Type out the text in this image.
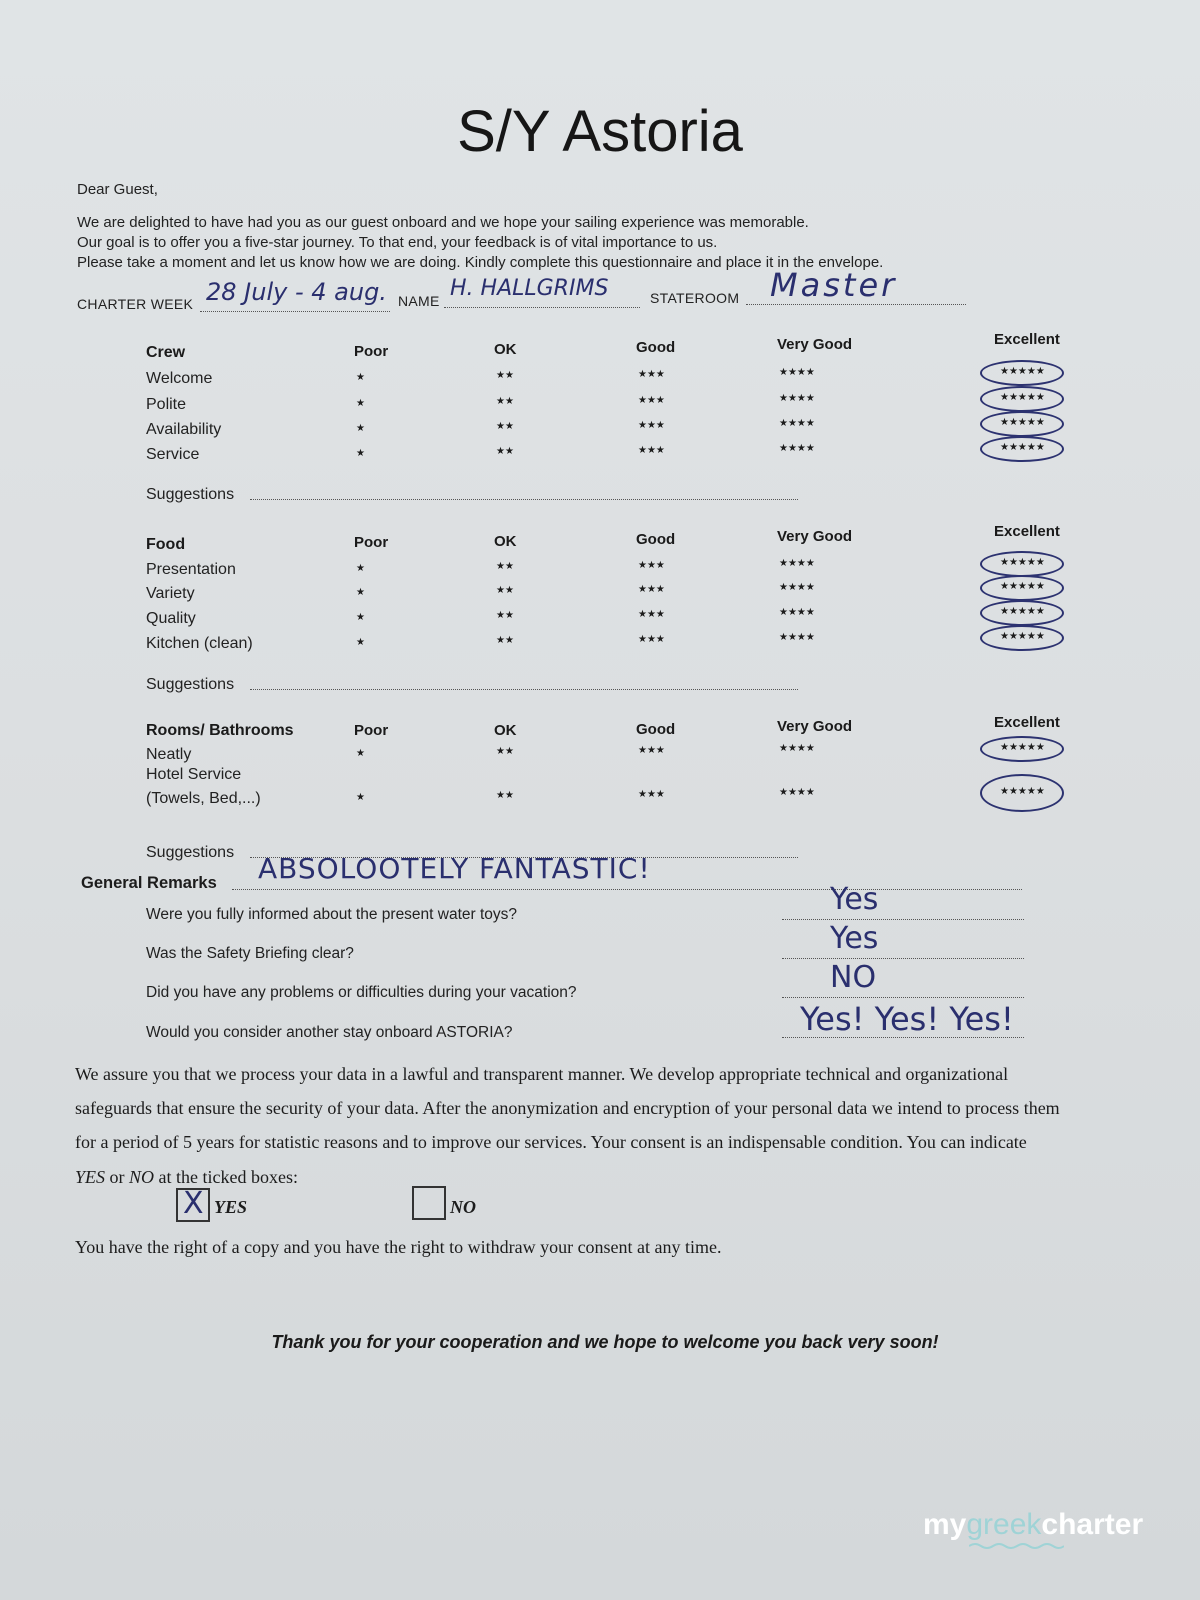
S/Y Astoria
Dear Guest,
We are delighted to have had you as our guest onboard and we hope your sailing experience was memorable.
Our goal is to offer you a five-star journey. To that end, your feedback is of vital importance to us.
Please take a moment and let us know how we are doing. Kindly complete this questionnaire and place it in the envelope.
CHARTER WEEK 28 July - 4 aug. NAME H. HALLGRIMS	STATEROOM Master
Crew	Poor	OK	Good	Very Good	Excellent
Welcome	★	★★	★★★	★★★★	★★★★★
Polite	★	★★	★★★	★★★★	★★★★★
Availability	★	★★	★★★	★★★★	★★★★★
Service	★	★★	★★★	★★★★	★★★★★
Suggestions
Food	Poor	OK	Good	Very Good	Excellent
Presentation	★	★★	★★★	★★★★	★★★★★
Variety	★	★★	★★★	★★★★	★★★★★
Quality	★	★★	★★★	★★★★	★★★★★
Kitchen (clean)	★	★★	★★★	★★★★	★★★★★
Suggestions
Rooms/ Bathrooms	Poor	OK	Good	Very Good	Excellent
Neatly	★	★★	★★★	★★★★	★★★★★
Hotel Service
(Towels, Bed,...)	★	★★	★★★	★★★★	★★★★★
Suggestions
General Remarks ABSOLOOTELY FANTASTIC!
Were you fully informed about the present water toys?	Yes
Was the Safety Briefing clear?	Yes
Did you have any problems or difficulties during your vacation?	NO
Would you consider another stay onboard ASTORIA?	Yes! Yes! Yes!
We assure you that we process your data in a lawful and transparent manner. We develop appropriate technical and organizational
safeguards that ensure the security of your data. After the anonymization and encryption of your personal data we intend to process them
for a period of 5 years for statistic reasons and to improve our services. Your consent is an indispensable condition. You can indicate
YES or NO at the ticked boxes:
X YES	NO
You have the right of a copy and you have the right to withdraw your consent at any time.
Thank you for your cooperation and we hope to welcome you back very soon!
mygreekcharter
